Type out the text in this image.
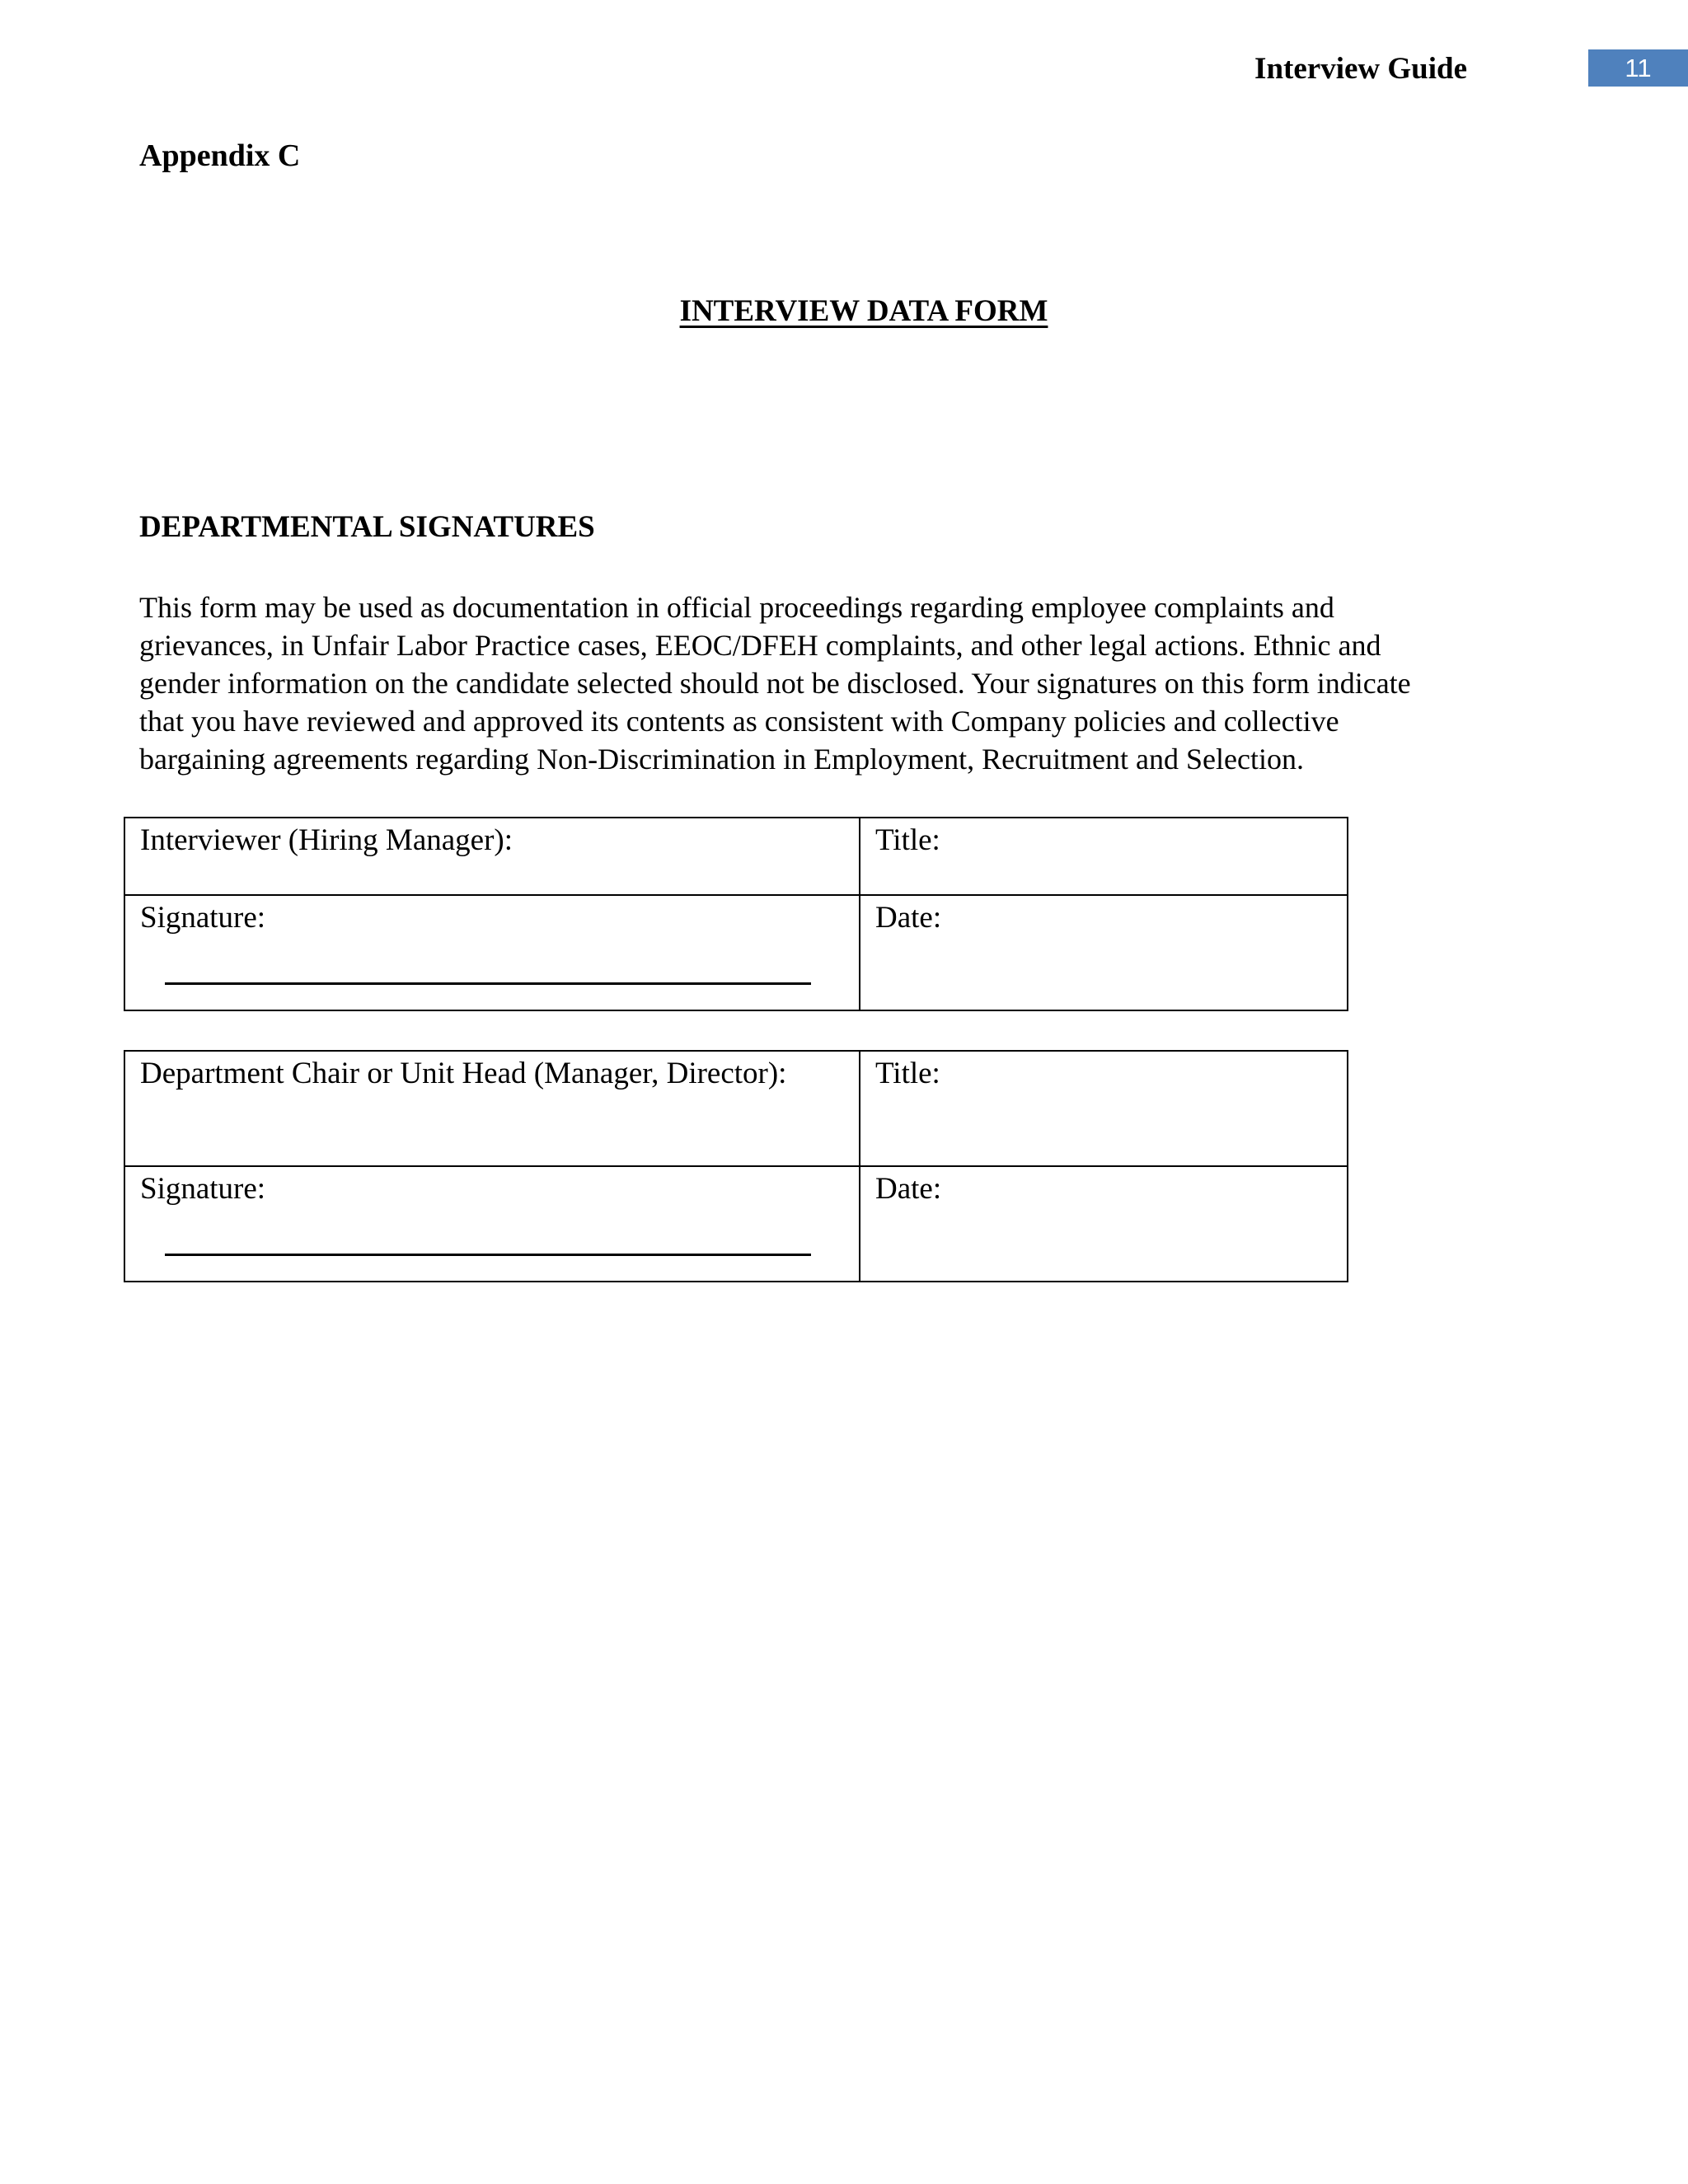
Interview Guide	11
Appendix C
INTERVIEW DATA FORM
DEPARTMENTAL SIGNATURES
This form may be used as documentation in official proceedings regarding employee complaints and
grievances, in Unfair Labor Practice cases, EEOC/DFEH complaints, and other legal actions. Ethnic and
gender information on the candidate selected should not be disclosed. Your signatures on this form indicate
that you have reviewed and approved its contents as consistent with Company policies and collective
bargaining agreements regarding Non-Discrimination in Employment, Recruitment and Selection.
Interviewer (Hiring Manager):	Title:
Signature:	Date:
Department Chair or Unit Head (Manager, Director):	Title:
Signature:	Date:
